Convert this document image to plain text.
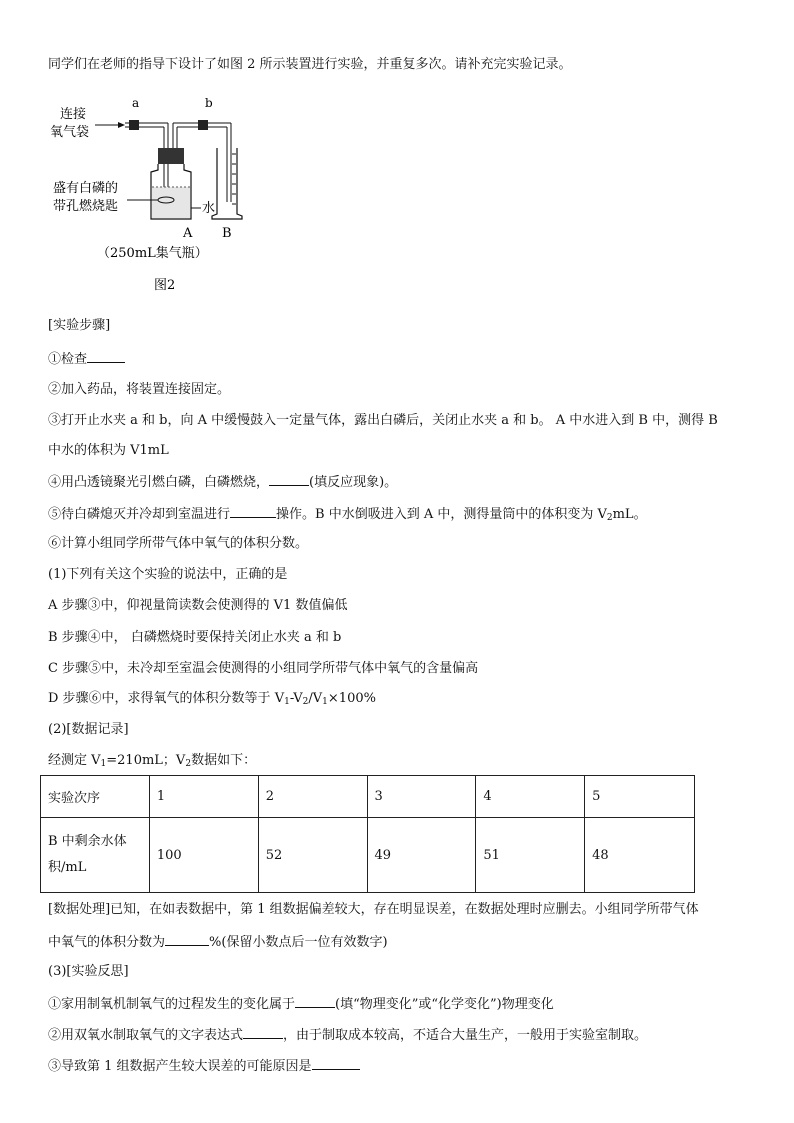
同学们在老师的指导下设计了如图 2 所示装置进行实验，并重复多次。请补充完实验记录。
连接
氧气袋
a	b
盛有白磷的
带孔燃烧匙	水
A B
（250mL集气瓶）
图2
[实验步骤]
①检查
②加入药品，将装置连接固定。
③打开止水夹 a 和 b，向 A 中缓慢鼓入一定量气体，露出白磷后，关闭止水夹 a 和 b。 A 中水进入到 B 中，测得 B
中水的体积为 V1mL
④用凸透镜聚光引燃白磷，白磷燃烧，	(填反应现象)。
⑤待白磷熄灭并冷却到室温进行	操作。B 中水倒吸进入到 A 中，测得量筒中的体积变为 $V_2mL$。
⑥计算小组同学所带气体中氧气的体积分数。
(1)下列有关这个实验的说法中，正确的是
A 步骤③中，仰视量筒读数会使测得的 V1 数值偏低
B 步骤④中， 白磷燃烧时要保持关闭止水夹 a 和 b
C 步骤⑤中，未冷却至室温会使测得的小组同学所带气体中氧气的含量偏高
D 步骤⑥中，求得氧气的体积分数等于 $V_1-V_2/V_1\times 100\%$
(2)[数据记录]
经测定 $V_1=210mL$；$V_2$数据如下：
实验次序	1	2	3	4	5
B 中剩余水体
积/mL	100	52	49	51	48
[数据处理]已知，在如表数据中，第 1 组数据偏差较大，存在明显误差，在数据处理时应删去。小组同学所带气体
中氧气的体积分数为	%(保留小数点后一位有效数字)
(3)[实验反思]
①家用制氧机制氧气的过程发生的变化属于	(填“物理变化”或“化学变化”)物理变化
②用双氧水制取氧气的文字表达式	，由于制取成本较高，不适合大量生产，一般用于实验室制取。
③导致第 1 组数据产生较大误差的可能原因是
